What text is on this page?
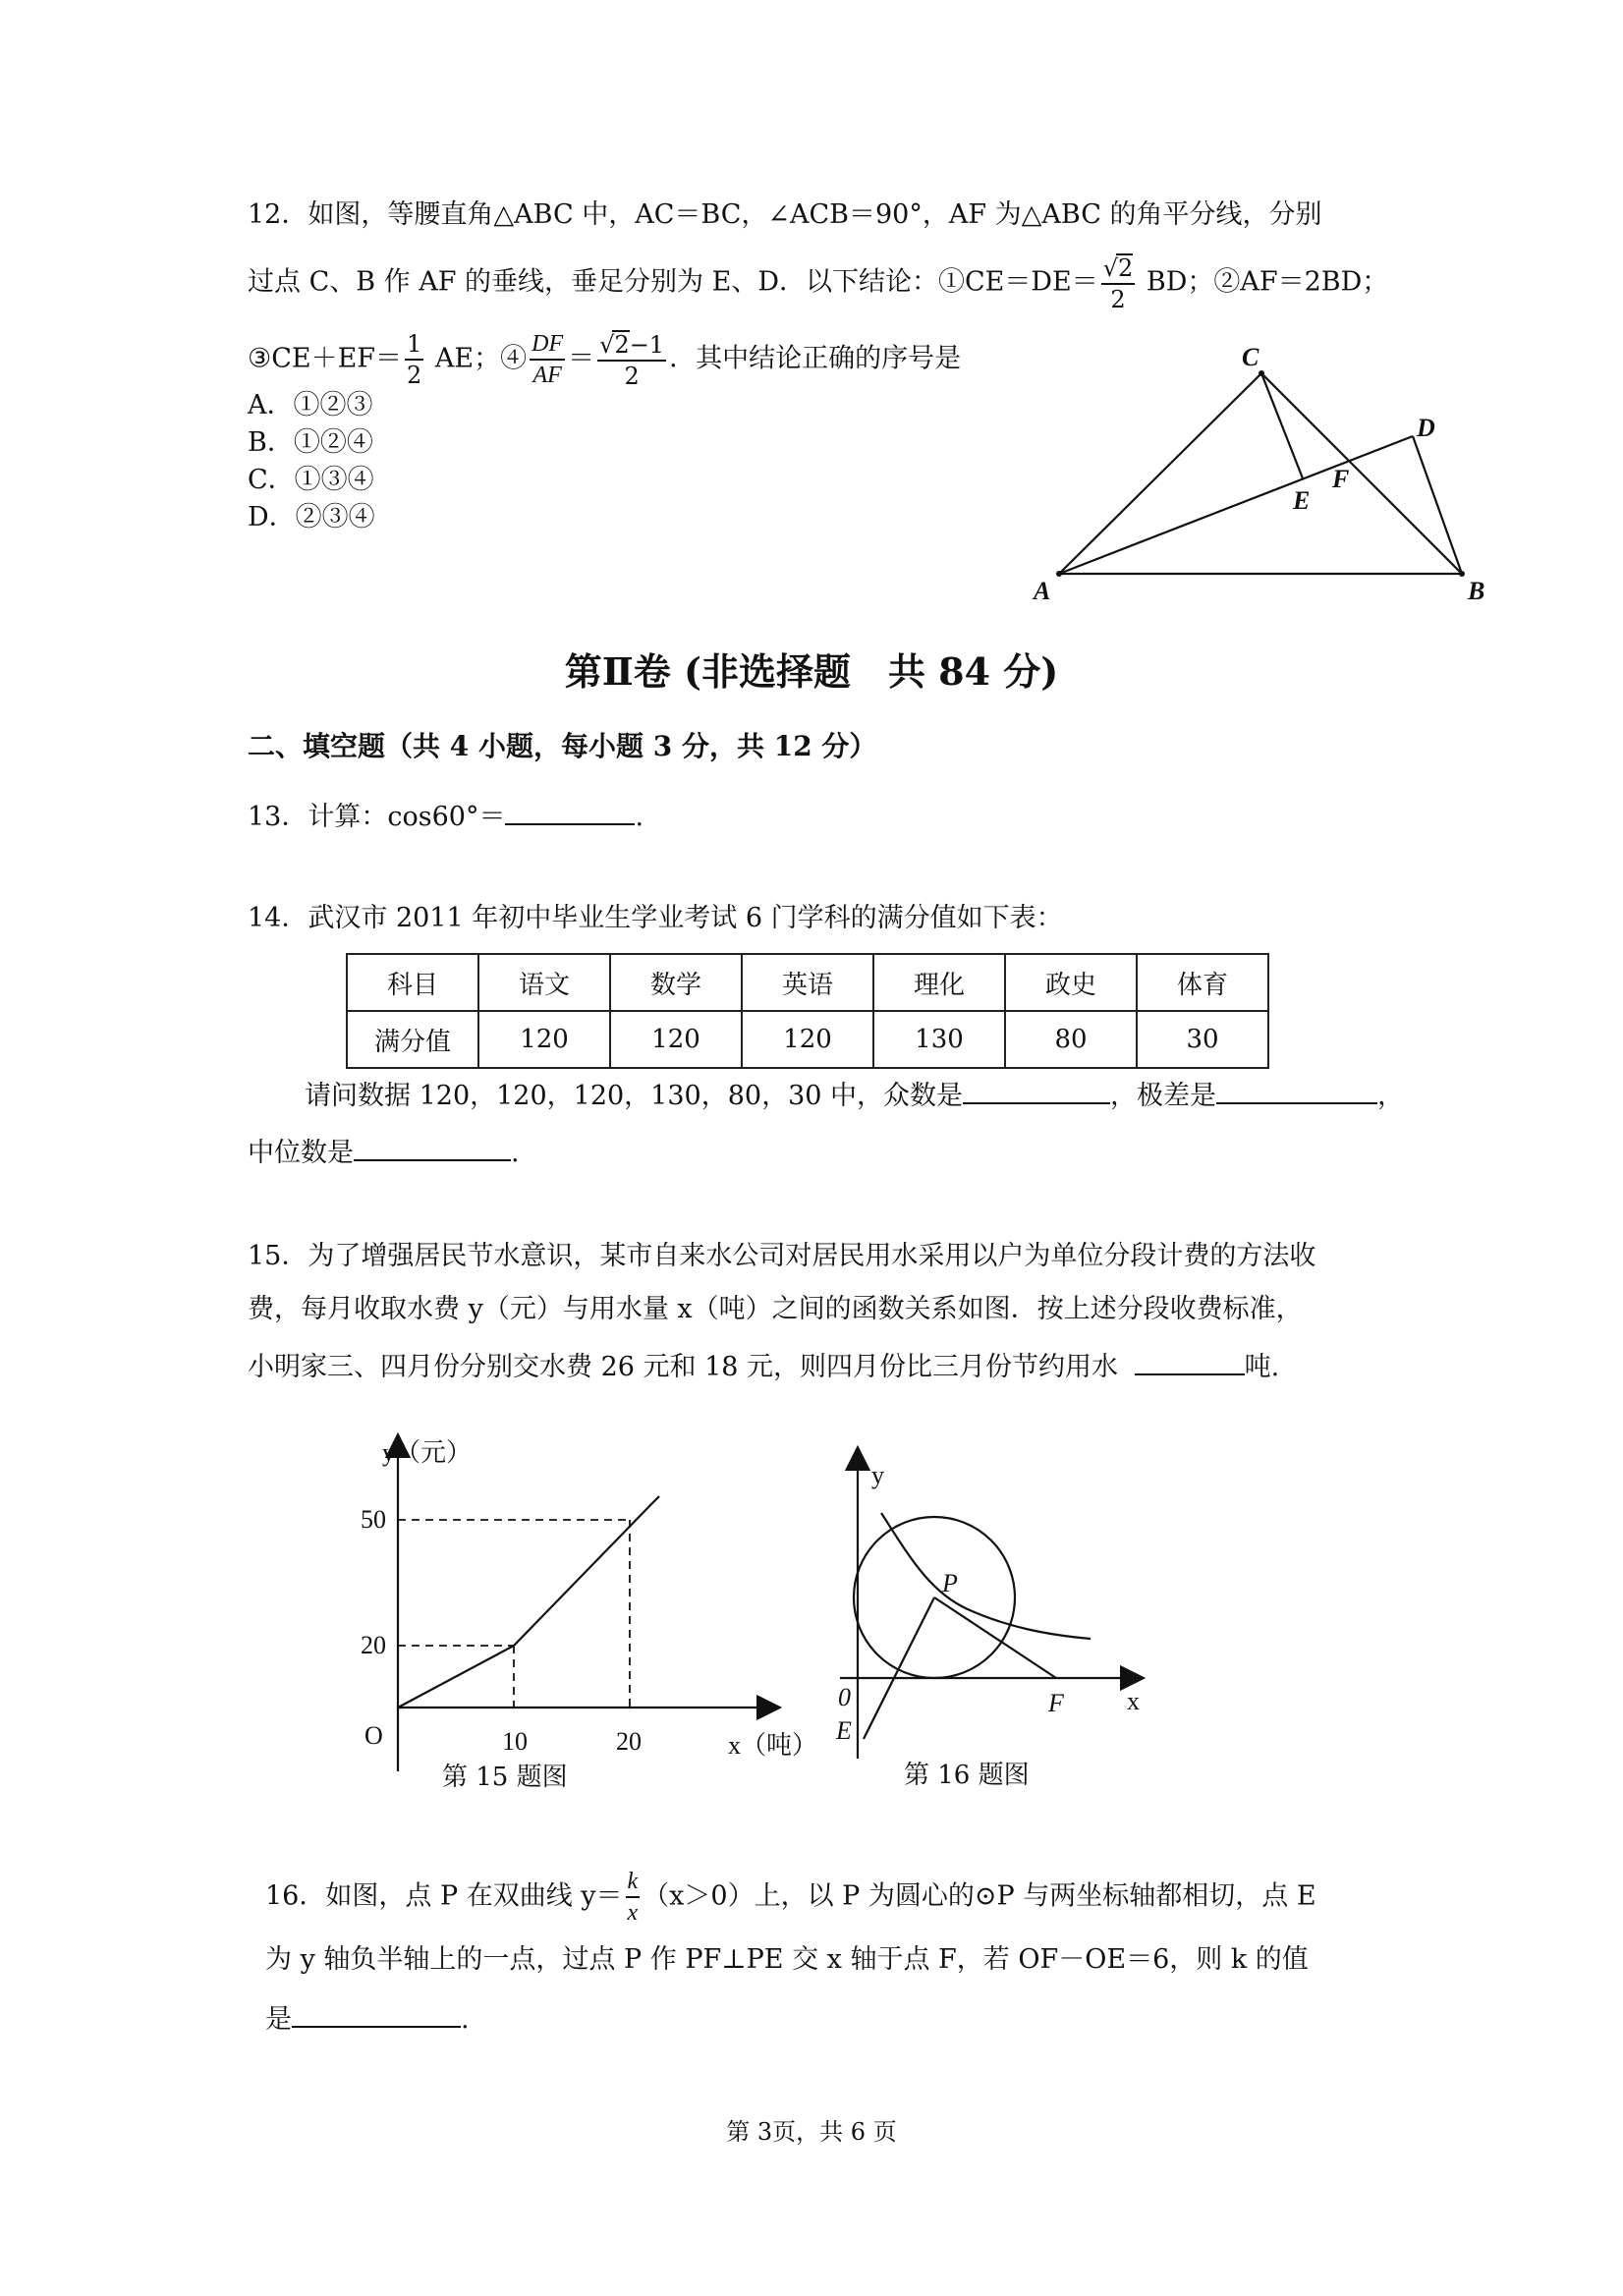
12．如图，等腰直角△ABC 中，AC＝BC，∠ACB＝90°，AF 为△ABC 的角平分线，分别
过点 C、B 作 AF 的垂线，垂足分别为 E、D．以下结论：①CE＝DE＝ $\frac{√2}{2}$ BD；②AF＝2BD；
③CE＋EF＝ $\frac{1}{2}$ AE；④ $\frac{DF}{AF} = \frac{√2-1}{2}$ ．其中结论正确的序号是
A．①②③
B．①②④
C．①③④
D．②③④
A	B
C
D
E
F
第Ⅱ卷 (非选择题　共 84 分)
二、填空题（共 4 小题，每小题 3 分，共 12 分）
13．计算：cos60°＝	.
14．武汉市 2011 年初中毕业生学业考试 6 门学科的满分值如下表：
科目	语文	数学	英语	理化	政史	体育
满分值	120	120	120	130	80	30
请问数据 120，120，120，130，80，30 中，众数是	，极差是	，
中位数是	.
15．为了增强居民节水意识，某市自来水公司对居民用水采用以户为单位分段计费的方法收
费，每月收取水费 y（元）与用水量 x（吨）之间的函数关系如图．按上述分段收费标准，
小明家三、四月份分别交水费 26 元和 18 元，则四月份比三月份节约用水	吨.
y（元）
50
20
O	10	20	x（吨）
第 15 题图
y
x
0
P
E
F
第 16 题图
16．如图，点 P 在双曲线 $y= \frac{k}{x} (x>0)$上，以 P 为圆心的⊙P 与两坐标轴都相切，点 E
为 y 轴负半轴上的一点，过点 P 作 PF⊥PE 交 x 轴于点 F，若 OF－OE＝6，则 k 的值
是	.
第 3页，共 6 页
